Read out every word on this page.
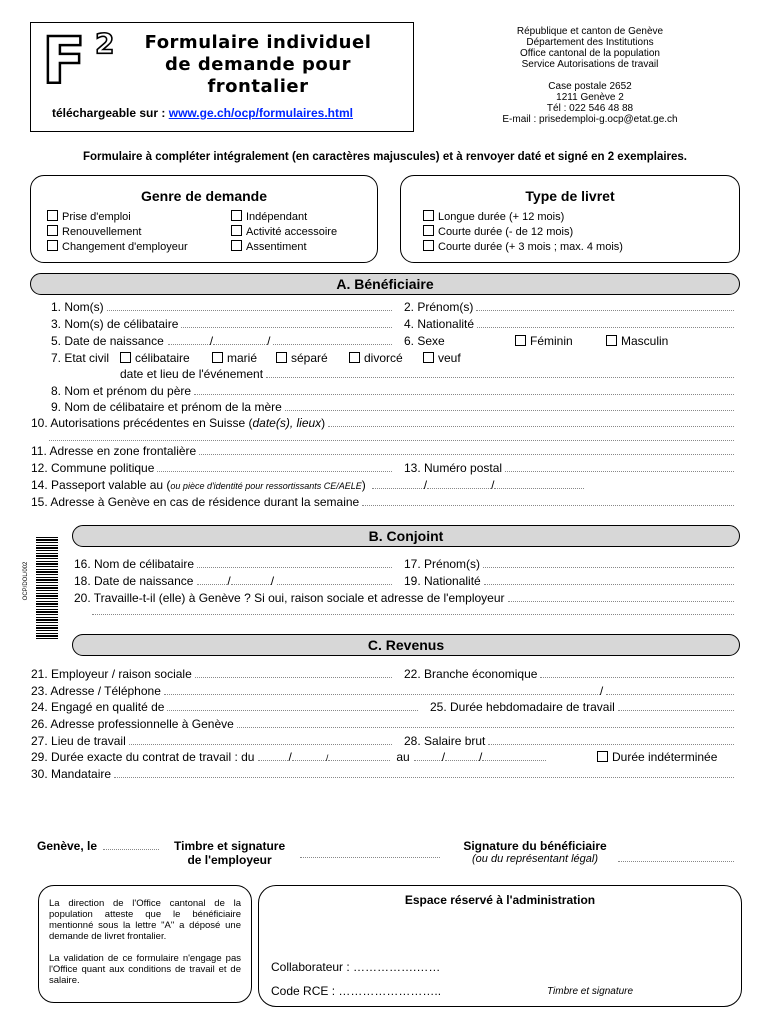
F 2	Formulaire individuel
de demande pour
frontalier
téléchargeable sur : www.ge.ch/ocp/formulaires.html
République et canton de Genève
Département des Institutions
Office cantonal de la population
Service Autorisations de travail
Case postale 2652
1211 Genève 2
Tél : 022 546 48 88
E-mail : prisedemploi-g.ocp@etat.ge.ch
Formulaire à compléter intégralement (en caractères majuscules) et à renvoyer daté et signé en 2 exemplaires.
Genre de demande
Prise d'emploi
Renouvellement
Changement d'employeur
Indépendant
Activité accessoire
Assentiment
Type de livret
Longue durée (+ 12 mois)
Courte durée (- de 12 mois)
Courte durée (+ 3 mois ; max. 4 mois)
A. Bénéficiaire
1. Nom(s)	2. Prénom(s)
3. Nom(s) de célibataire	4. Nationalité
5. Date de naissance	/	/	6. Sexe	Féminin	Masculin
7. Etat civil	célibataire	marié	séparé	divorcé	veuf
date et lieu de l'événement
8. Nom et prénom du père
9. Nom de célibataire et prénom de la mère
10. Autorisations précédentes en Suisse ( date(s), lieux )
11. Adresse en zone frontalière
12. Commune politique	13. Numéro postal
14. Passeport valable au ( ou pièce d'identité pour ressortissants CE/AELE )	/	/
15. Adresse à Genève en cas de résidence durant la semaine
B. Conjoint
OCP/DOL/002	16. Nom de célibataire	17. Prénom(s)
18. Date de naissance	/	/	19. Nationalité
20. Travaille-t-il (elle) à Genève ? Si oui, raison sociale et adresse de l'employeur
C. Revenus
21. Employeur / raison sociale	22. Branche économique
23. Adresse / Téléphone	/
24. Engagé en qualité de	25. Durée hebdomadaire de travail
26. Adresse professionnelle à Genève
27. Lieu de travail	28. Salaire brut
29. Durée exacte du contrat de travail : du	/	/	au	/	/	Durée indéterminée
30. Mandataire
Genève, le	Timbre et signature
de l'employeur
Signature du bénéficiaire
(ou du représentant légal)
La direction de l'Office cantonal de la population atteste que le bénéficiaire mentionné sous la lettre "A" a déposé une demande de livret frontalier.
La validation de ce formulaire n'engage pas l'Office quant aux conditions de travail et de salaire.
Espace réservé à l'administration
Collaborateur : …………….……
Code RCE : ……………………..	Timbre et signature
